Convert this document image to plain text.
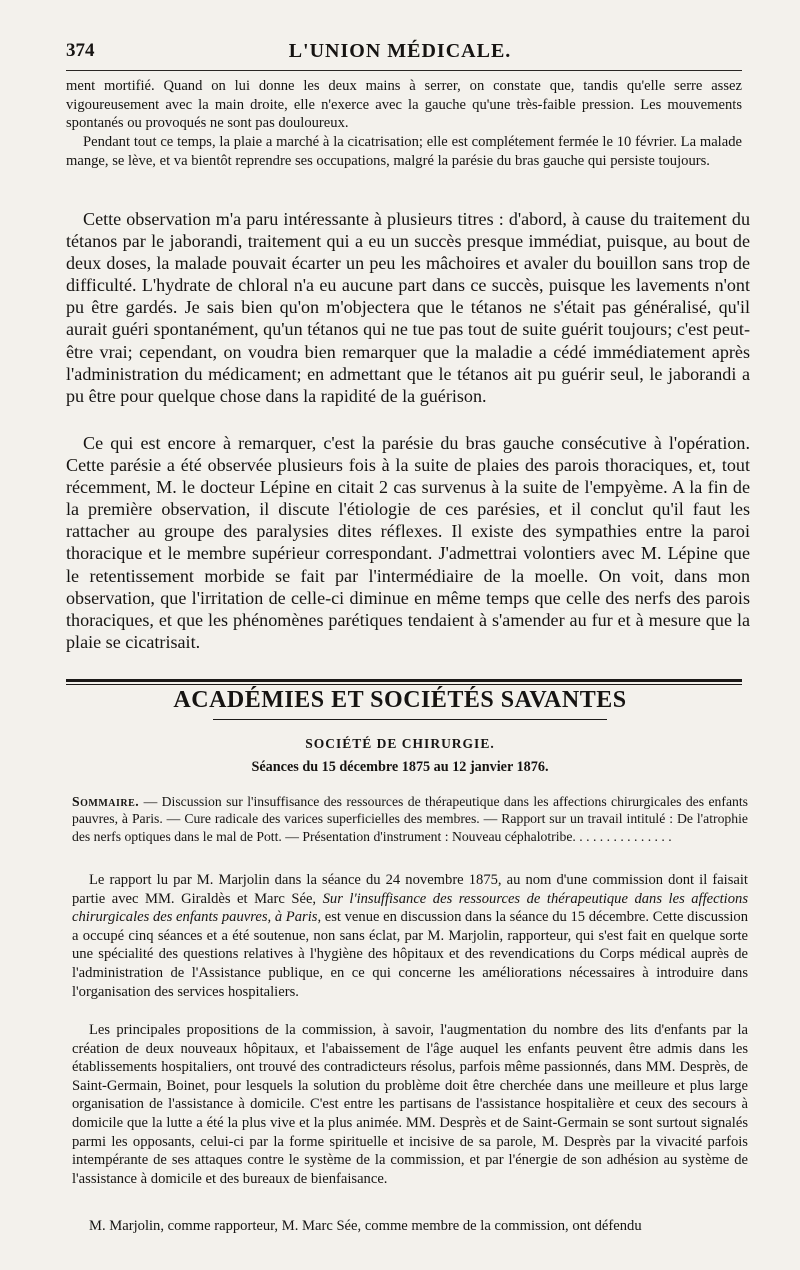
374	L'UNION MÉDICALE.

ment mortifié. Quand on lui donne les deux mains à serrer, on constate que, tandis qu'elle serre assez vigoureusement avec la main droite, elle n'exerce avec la gauche qu'une très-faible pression. Les mouvements spontanés ou provoqués ne sont pas douloureux.

Pendant tout ce temps, la plaie a marché à la cicatrisation; elle est complétement fermée le 10 février. La malade mange, se lève, et va bientôt reprendre ses occupations, malgré la parésie du bras gauche qui persiste toujours.

Cette observation m'a paru intéressante à plusieurs titres : d'abord, à cause du traitement du tétanos par le jaborandi, traitement qui a eu un succès presque immédiat, puisque, au bout de deux doses, la malade pouvait écarter un peu les mâchoires et avaler du bouillon sans trop de difficulté. L'hydrate de chloral n'a eu aucune part dans ce succès, puisque les lavements n'ont pu être gardés. Je sais bien qu'on m'objectera que le tétanos ne s'était pas généralisé, qu'il aurait guéri spontanément, qu'un tétanos qui ne tue pas tout de suite guérit toujours; c'est peut-être vrai; cependant, on voudra bien remarquer que la maladie a cédé immédiatement après l'administration du médicament; en admettant que le tétanos ait pu guérir seul, le jaborandi a pu être pour quelque chose dans la rapidité de la guérison.

Ce qui est encore à remarquer, c'est la parésie du bras gauche consécutive à l'opération. Cette parésie a été observée plusieurs fois à la suite de plaies des parois thoraciques, et, tout récemment, M. le docteur Lépine en citait 2 cas survenus à la suite de l'empyème. A la fin de la première observation, il discute l'étiologie de ces parésies, et il conclut qu'il faut les rattacher au groupe des paralysies dites réflexes. Il existe des sympathies entre la paroi thoracique et le membre supérieur correspondant. J'admettrai volontiers avec M. Lépine que le retentissement morbide se fait par l'intermédiaire de la moelle. On voit, dans mon observation, que l'irritation de celle-ci diminue en même temps que celle des nerfs des parois thoraciques, et que les phénomènes parétiques tendaient à s'amender au fur et à mesure que la plaie se cicatrisait.

ACADÉMIES ET SOCIÉTÉS SAVANTES
SOCIÉTÉ DE CHIRURGIE.
Séances du 15 décembre 1875 au 12 janvier 1876.

Sommaire. — Discussion sur l'insuffisance des ressources de thérapeutique dans les affections chirurgicales des enfants pauvres, à Paris. — Cure radicale des varices superficielles des membres. — Rapport sur un travail intitulé : De l'atrophie des nerfs optiques dans le mal de Pott. — Présentation d'instrument : Nouveau céphalotribe. . . . . . . . . . . . . . .

Le rapport lu par M. Marjolin dans la séance du 24 novembre 1875, au nom d'une commission dont il faisait partie avec MM. Giraldès et Marc Sée, Sur l'insuffisance des ressources de thérapeutique dans les affections chirurgicales des enfants pauvres, à Paris, est venue en discussion dans la séance du 15 décembre. Cette discussion a occupé cinq séances et a été soutenue, non sans éclat, par M. Marjolin, rapporteur, qui s'est fait en quelque sorte une spécialité des questions relatives à l'hygiène des hôpitaux et des revendications du Corps médical auprès de l'administration de l'Assistance publique, en ce qui concerne les améliorations nécessaires à introduire dans l'organisation des services hospitaliers.

Les principales propositions de la commission, à savoir, l'augmentation du nombre des lits d'enfants par la création de deux nouveaux hôpitaux, et l'abaissement de l'âge auquel les enfants peuvent être admis dans les établissements hospitaliers, ont trouvé des contradicteurs résolus, parfois même passionnés, dans MM. Desprès, de Saint-Germain, Boinet, pour lesquels la solution du problème doit être cherchée dans une meilleure et plus large organisation de l'assistance à domicile. C'est entre les partisans de l'assistance hospitalière et ceux des secours à domicile que la lutte a été la plus vive et la plus animée. MM. Desprès et de Saint-Germain se sont surtout signalés parmi les opposants, celui-ci par la forme spirituelle et incisive de sa parole, M. Desprès par la vivacité parfois intempérante de ses attaques contre le système de la commission, et par l'énergie de son adhésion au système de l'assistance à domicile et des bureaux de bienfaisance.

M. Marjolin, comme rapporteur, M. Marc Sée, comme membre de la commission, ont défendu
